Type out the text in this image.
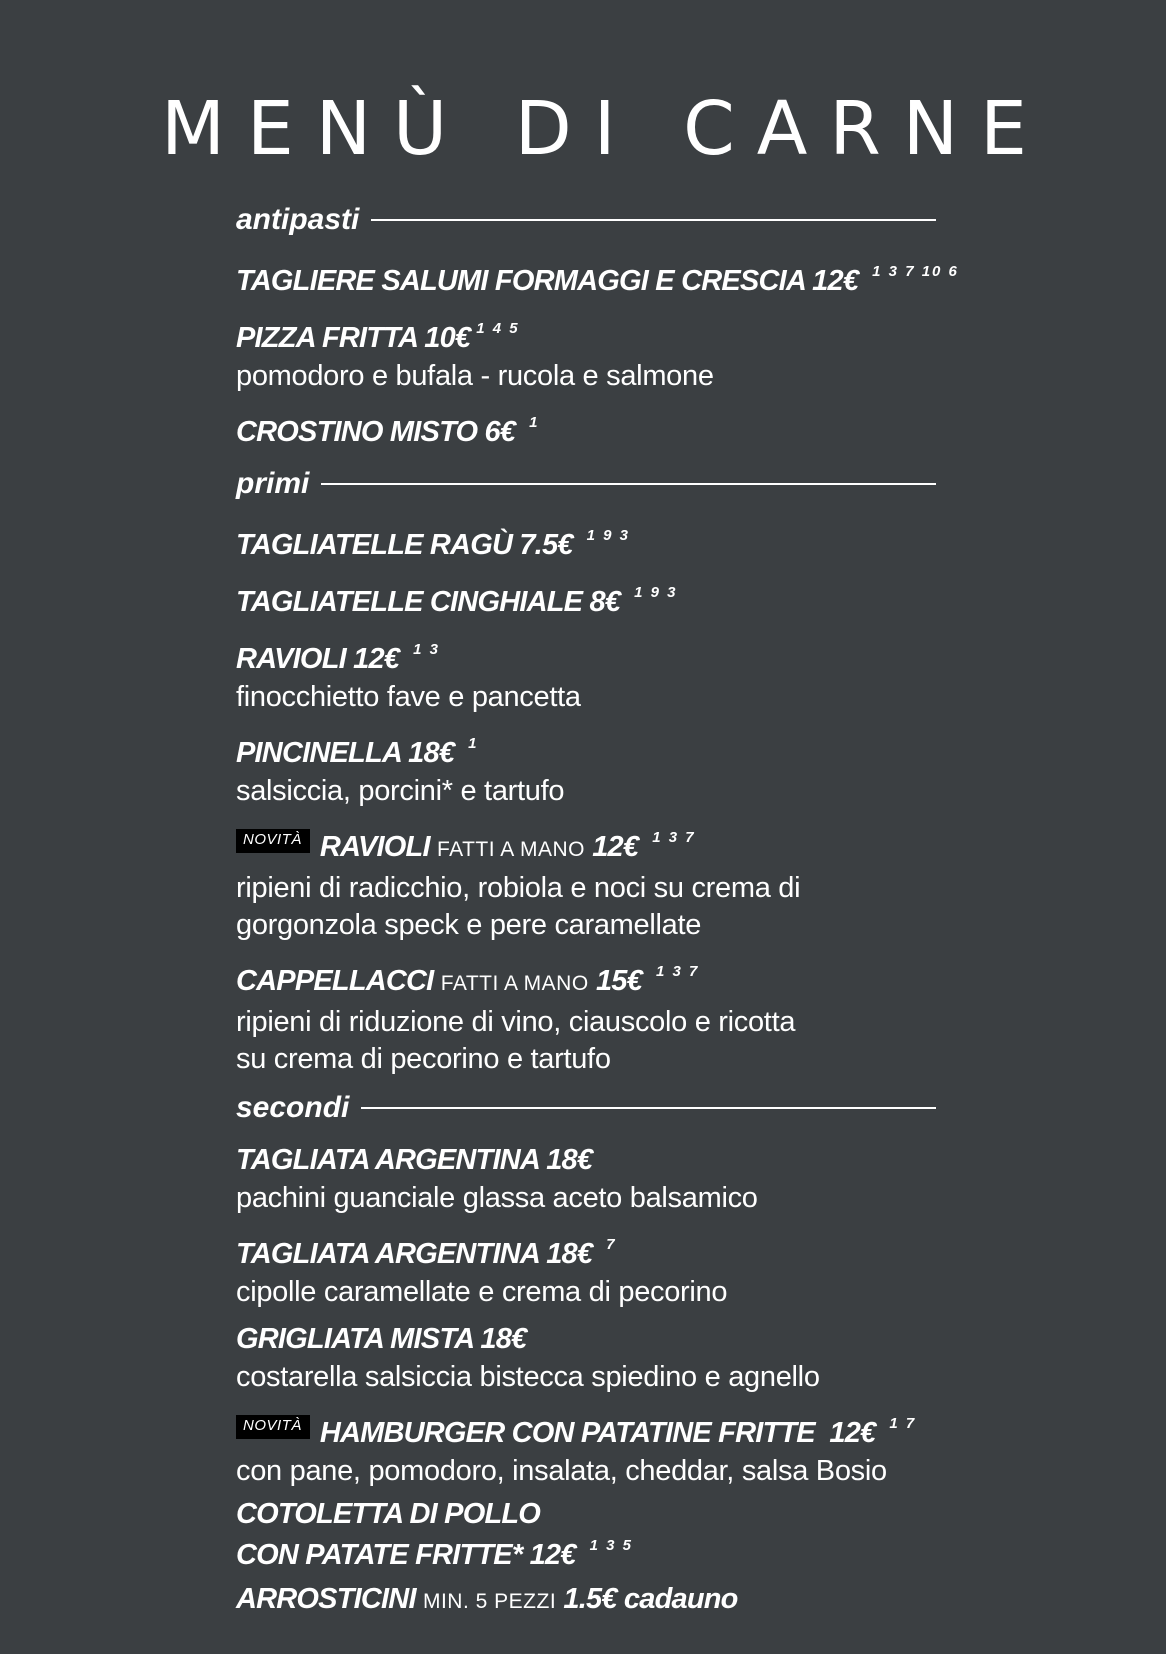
MENÙ DI CARNE
antipasti
TAGLIERE SALUMI FORMAGGI E CRESCIA 12€ $^{1 3 7 10 6}$
PIZZA FRITTA 10€ $^{1 4 5}$
pomodoro e bufala - rucola e salmone
CROSTINO MISTO 6€ $^1$
primi
TAGLIATELLE RAGÙ 7.5€ $^{1 9 3}$
TAGLIATELLE CINGHIALE 8€ $^{1 9 3}$
RAVIOLI 12€ $^{1 3}$
finocchietto fave e pancetta
PINCINELLA 18€ $^1$
salsiccia, porcini* e tartufo
NOVITÀ RAVIOLI FATTI A MANO 12€ $^{1 3 7}$
ripieni di radicchio, robiola e noci su crema di
gorgonzola speck e pere caramellate
CAPPELLACCI FATTI A MANO 15€ $^{1 3 7}$
ripieni di riduzione di vino, ciauscolo e ricotta
su crema di pecorino e tartufo
secondi
TAGLIATA ARGENTINA 18€
pachini guanciale glassa aceto balsamico
TAGLIATA ARGENTINA 18€ $^7$
cipolle caramellate e crema di pecorino
GRIGLIATA MISTA 18€
costarella salsiccia bistecca spiedino e agnello
NOVITÀ HAMBURGER CON PATATINE FRITTE  12€ $^{1 7}$
con pane, pomodoro, insalata, cheddar, salsa Bosio
COTOLETTA DI POLLO
CON PATATE FRITTE* 12€ $^{1 3 5}$
ARROSTICINI MIN. 5 PEZZI 1.5€ cadauno
